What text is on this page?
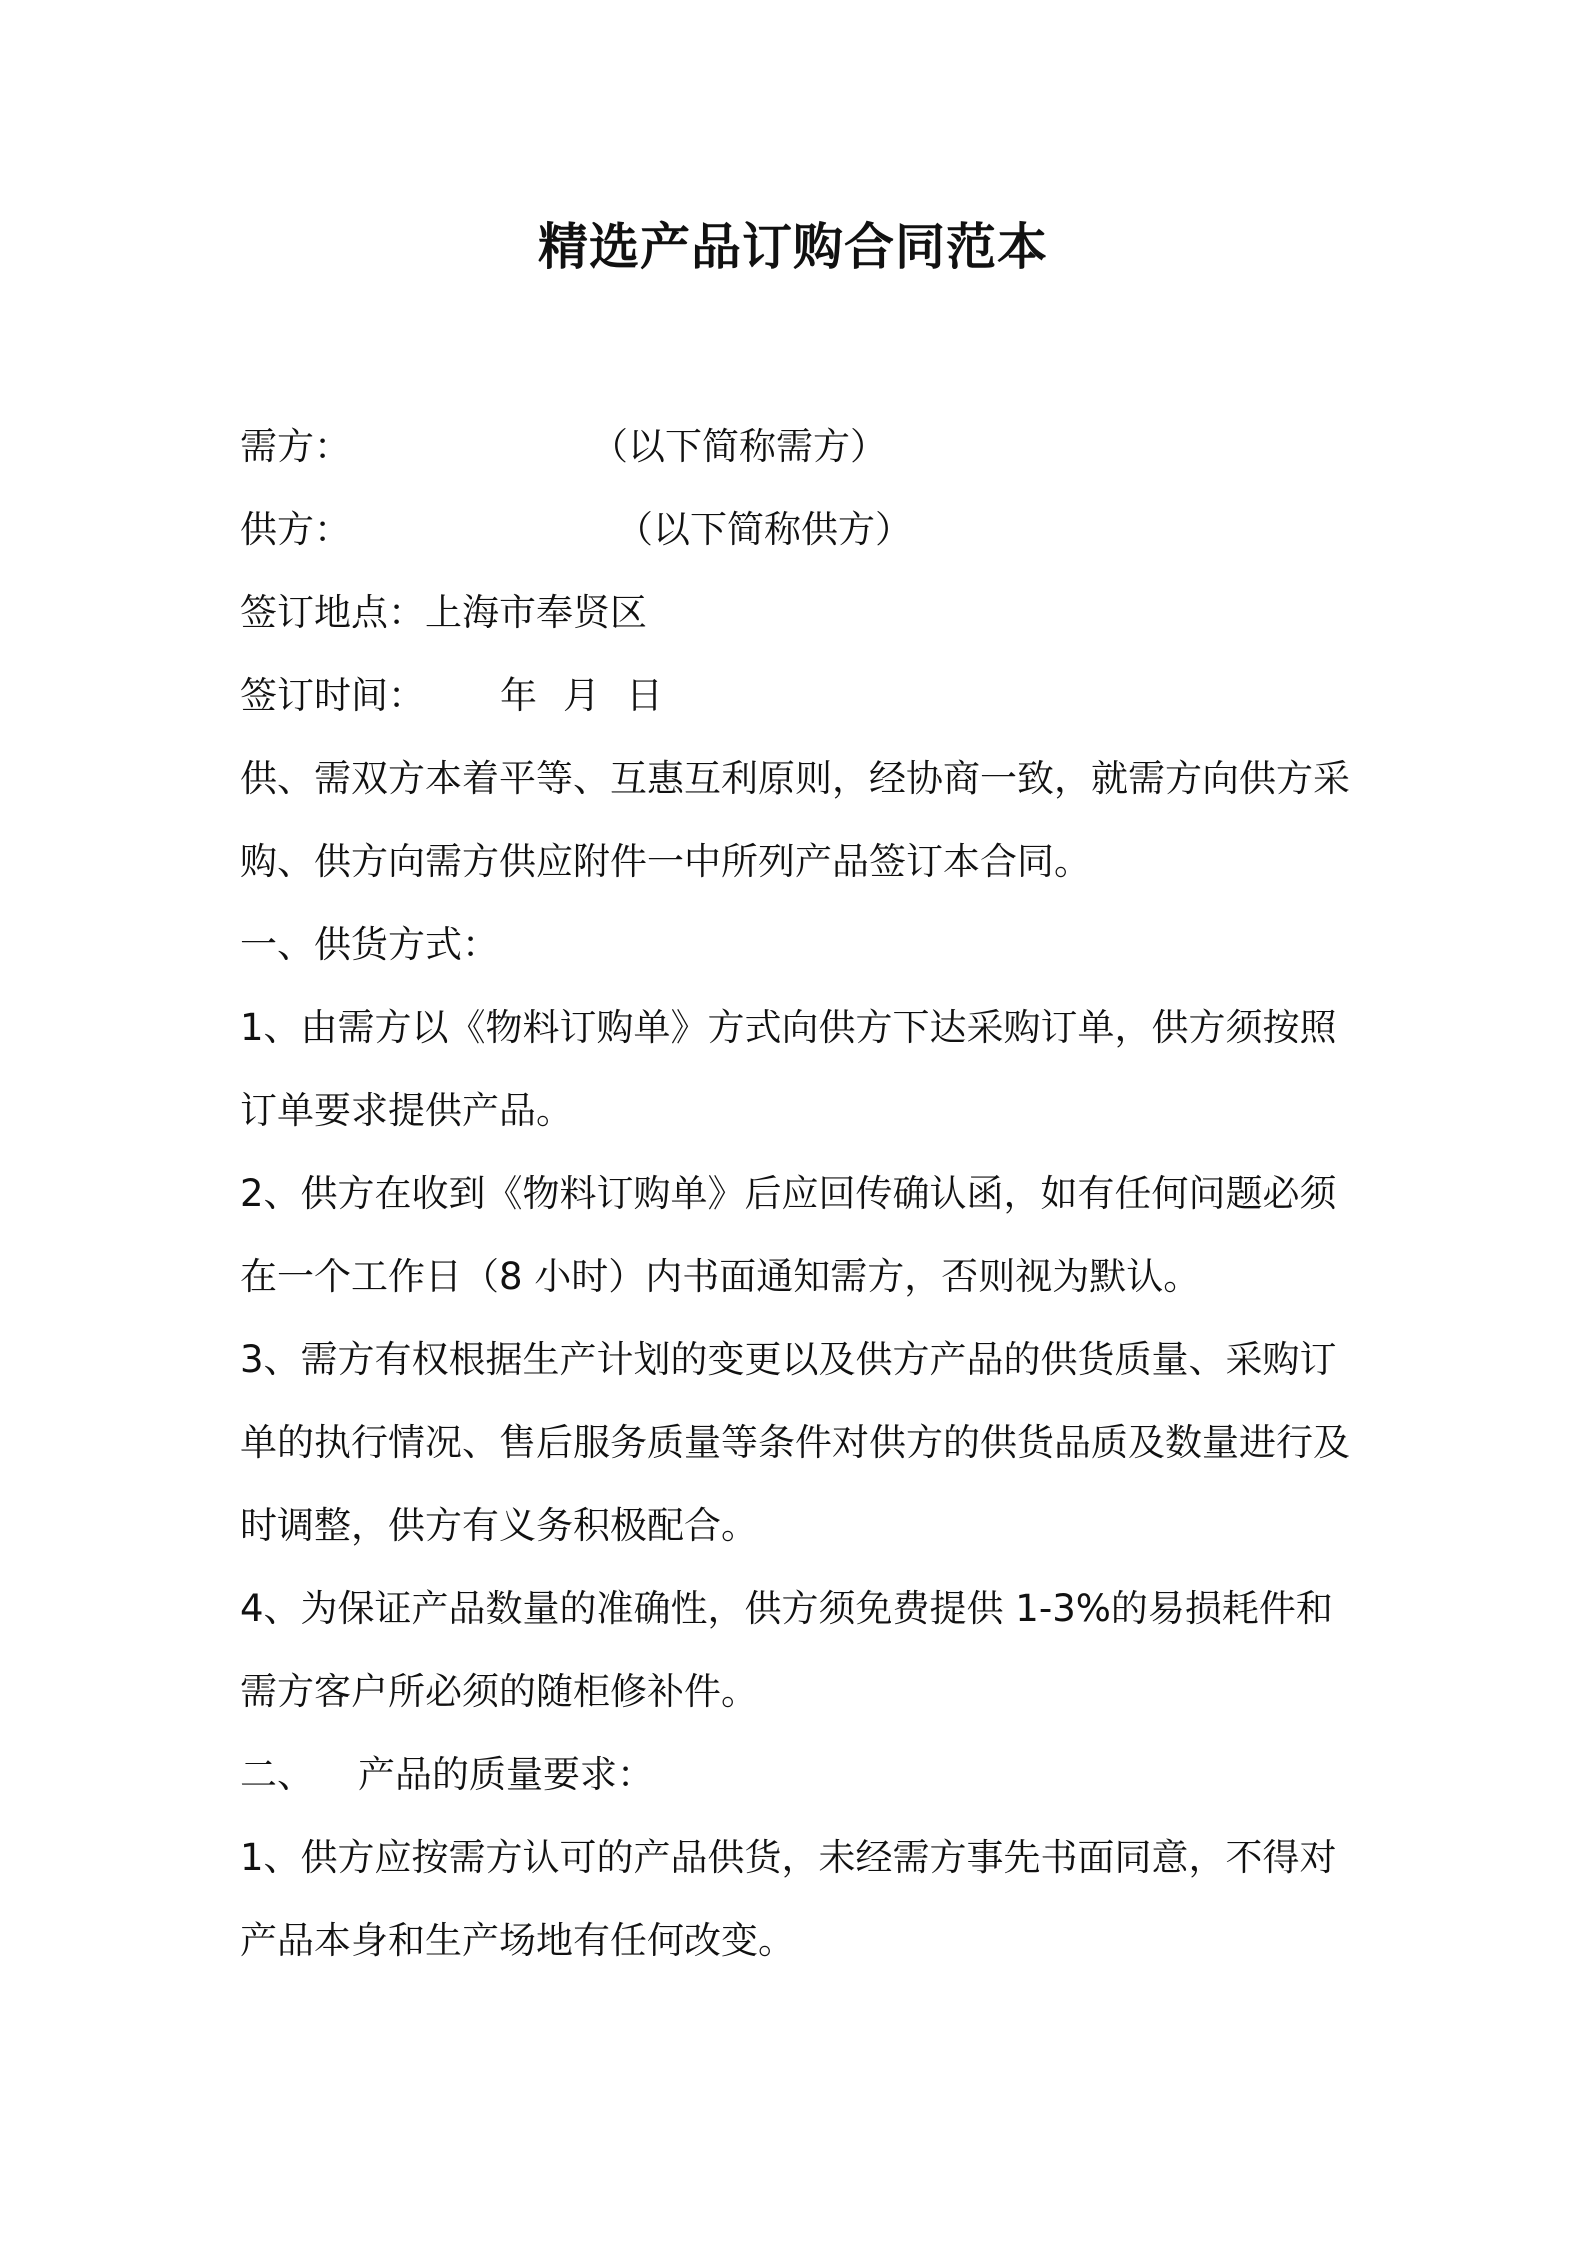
精选产品订购合同范本
需方：	（以下简称需方）
供方：	（以下简称供方）
签订地点：上海市奉贤区
签订时间： 年 月 日
供、需双方本着平等、互惠互利原则，经协商一致，就需方向供方采
购、供方向需方供应附件一中所列产品签订本合同。
一、供货方式：
1、由需方以《物料订购单》方式向供方下达采购订单，供方须按照
订单要求提供产品。
2、供方在收到《物料订购单》后应回传确认函，如有任何问题必须
在一个工作日（8 小时）内书面通知需方，否则视为默认。
3、需方有权根据生产计划的变更以及供方产品的供货质量、采购订
单的执行情况、售后服务质量等条件对供方的供货品质及数量进行及
时调整，供方有义务积极配合。
4、为保证产品数量的准确性，供方须免费提供 1-3%的易损耗件和
需方客户所必须的随柜修补件。
二、 产品的质量要求：
1、供方应按需方认可的产品供货，未经需方事先书面同意，不得对
产品本身和生产场地有任何改变。
